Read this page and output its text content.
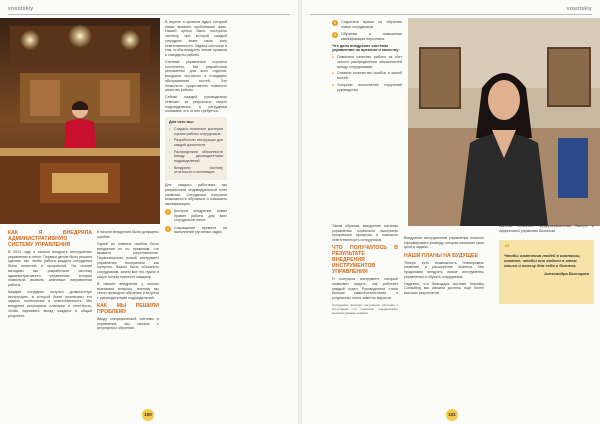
vosotskiy
КАК Я ВНЕДРЯЛА АДМИНИСТРАТИВНУЮ СИСТЕМУ УПРАВЛЕНИЯ

В 2014 году я начала внедрять инструменты управления в отеле. Первым делом было решено сделать так, чтобы работа каждого сотрудника была понятной и прозрачной. На основе методики мы разработали систему административного управления, которая позволила выявить ключевые направления работы.

Каждый сотрудник получил должностную инструкцию, в которой были прописаны его задачи, полномочия и ответственность. Мы внедрили регулярные планерки и отчетность, чтобы оценивать вклад каждого в общий результат.

в начале внедрения были допущены ошибки.

Одной из главных ошибок было внедрение не по правилам, что вызвало сопротивление. Первоначально новый инструмент управления восприняли как контроль. Важно было объяснить сотрудникам, зачем все это нужно и какую пользу принесет каждому.

В начале внедрения у многих возникали вопросы, поэтому мы стали проводить обучение и встречи с руководителями подразделений.

КАК МЫ РЕШИЛИ ПРОБЛЕМУ

Вводу специфической системы в управление мы начали с регулярного обучения.

В апреле я провела аудит, который помог выявить проблемные зоны. Нашей целью было построить систему, при которой каждый сотрудник знает свою зону ответственности. Задача состояла в том, чтобы внедрить четкие правила и стандарты работы.

Система управления строится постепенно. Мы разработали регламенты для всех отделов, внедрили чек-листы и стандарты обслуживания гостей. Это позволило существенно повысить качество работы.

Сейчас каждый руководитель отвечает за результаты своего подразделения, а сотрудники понимают, что от них требуется.

Для чего мы:
• Создали понятные критерии оценки работы сотрудников.
• Разработали инструкции для каждой должности.
• Распределили обязанности между руководителями подразделений.
• Внедрили систему отчетности и мотивации.

Для каждого работника мы разработали индивидуальный план развития. Сотрудники получили возможность обучаться и повышать квалификацию.

1	Быстрое внедрение новых правил работы для всех сотрудников отеля.
2	Сокращение времени на выполнение рутинных задач.
100
vosotskiy
2	Сократили время на обучение новых сотрудников.
3	Обучение и повышение квалификации персонала.
Что дало внедрение системы управления по времени и качеству:
■ Повысили качество работы за счет четкого распределения обязанностей между сотрудниками.
■ Снизили количество ошибок и жалоб гостей.
■ Ускорили выполнение поручений руководства.

Таким образом, внедрение системы управления позволило выстроить прозрачные процессы и повысить ответственность сотрудников.

ЧТО ПОЛУЧИЛОСЬ В РЕЗУЛЬТАТЕ ВНЕДРЕНИЯ ИНСТРУМЕНТОВ УПРАВЛЕНИЯ

Я получила инструмент, который позволяет видеть, как работает каждый отдел. Руководители стали больше самостоятельными, и результаты отеля заметно выросли.

Сотрудники проходят регулярное обучение и аттестацию, что позволяет поддерживать высокий уровень сервиса.

Внедрение инструментов управления помогло сформировать команду, которая понимает свои цели и задачи.

НАШИ ПЛАНЫ НА БУДУЩЕЕ

Теперь есть возможность планировать развитие и расширение бизнеса. Мы продолжим внедрять новые инструменты управления и обучать сотрудников.

Надеюсь, что благодаря системе Vosotsky Consulting мы сможем достичь еще более высоких результатов.

101

системе позволяет предпринимателям быстро и эффективно управлять бизнесом.

“
Чтобы изменения людей в компании, главное, чтобы они видели в этом смысл и пользу для себя и бизнеса.
Александра Высоцкая
